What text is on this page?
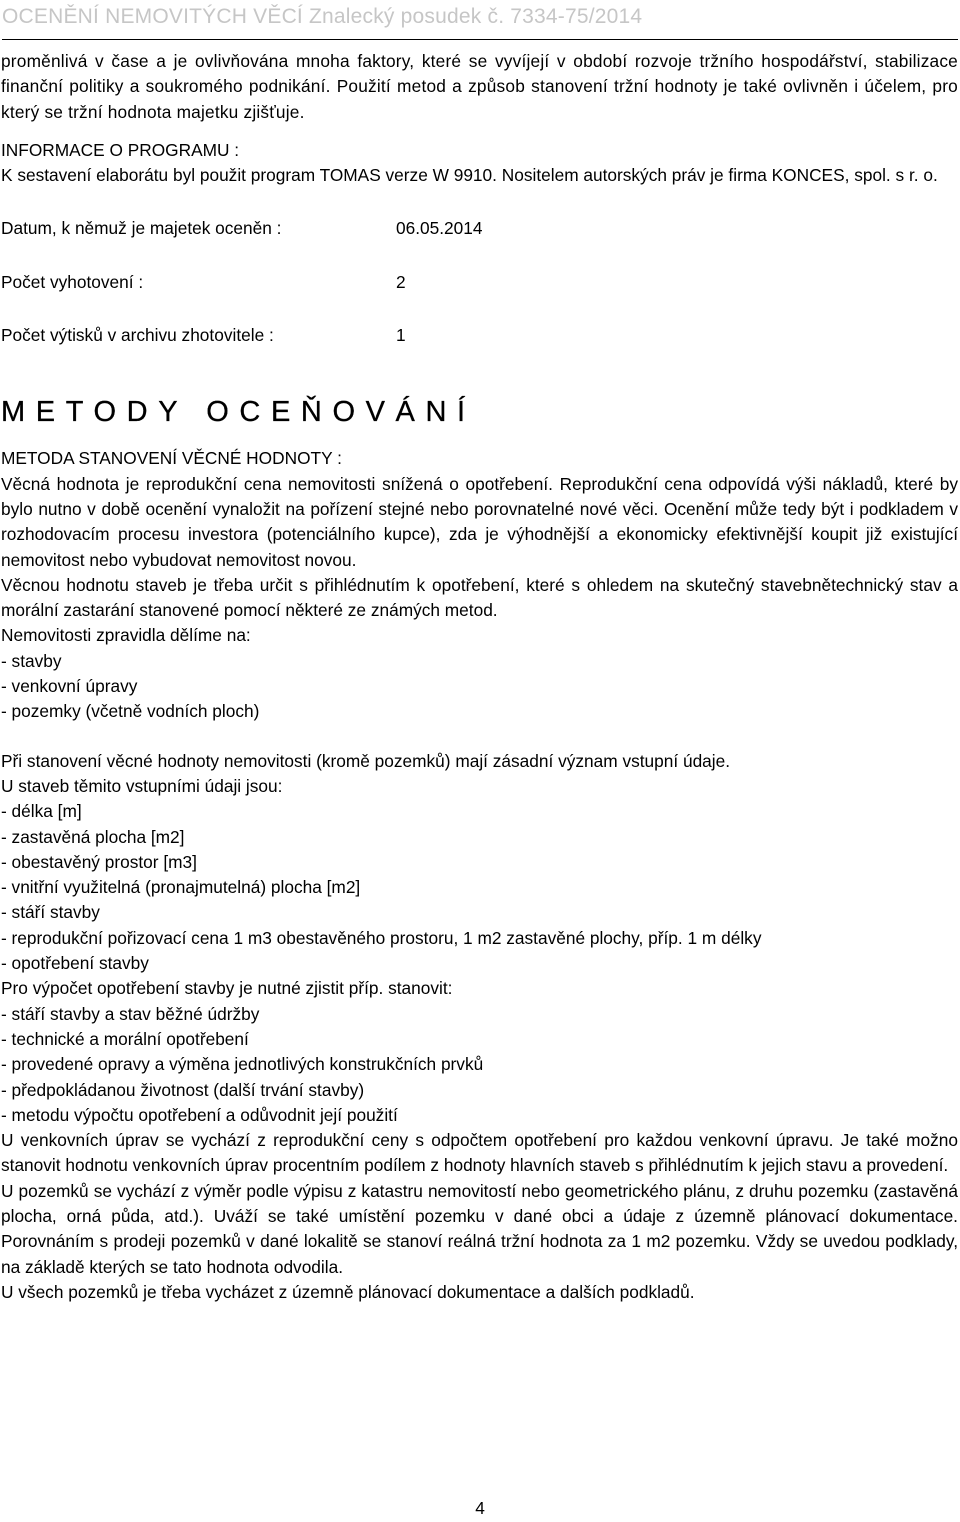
OCENĚNÍ NEMOVITÝCH VĚCÍ Znalecký posudek č. 7334-75/2014

proměnlivá v čase a je ovlivňována mnoha faktory, které se vyvíjejí v období rozvoje tržního hospodářství, stabilizace finanční politiky a soukromého podnikání. Použití metod a způsob stanovení tržní hodnoty je také ovlivněn i účelem, pro který se tržní hodnota majetku zjišťuje.

INFORMACE O PROGRAMU :

K sestavení elaborátu byl použit program TOMAS verze W 9910. Nositelem autorských práv je firma KONCES, spol. s r. o.

Datum, k němuž je majetek oceněn :	06.05.2014

Počet vyhotovení :	2

Počet výtisků v archivu zhotovitele :	1

METODY OCEŇOVÁNÍ

METODA STANOVENÍ VĚCNÉ HODNOTY :

Věcná hodnota je reprodukční cena nemovitosti snížená o opotřebení. Reprodukční cena odpovídá výši nákladů, které by bylo nutno v době ocenění vynaložit na pořízení stejné nebo porovnatelné nové věci. Ocenění může tedy být i podkladem v rozhodovacím procesu investora (potenciálního kupce), zda je výhodnější a ekonomicky efektivnější koupit již existující nemovitost nebo vybudovat nemovitost novou.

Věcnou hodnotu staveb je třeba určit s přihlédnutím k opotřebení, které s ohledem na skutečný stavebnětechnický stav a morální zastarání stanovené pomocí některé ze známých metod.

Nemovitosti zpravidla dělíme na:

- stavby
- venkovní úpravy
- pozemky (včetně vodních ploch)

Při stanovení věcné hodnoty nemovitosti (kromě pozemků) mají zásadní význam vstupní údaje.

U staveb těmito vstupními údaji jsou:

- délka [m]
- zastavěná plocha [m2]
- obestavěný prostor [m3]
- vnitřní využitelná (pronajmutelná) plocha [m2]
- stáří stavby
- reprodukční pořizovací cena 1 m3 obestavěného prostoru, 1 m2 zastavěné plochy, příp. 1 m délky
- opotřebení stavby

Pro výpočet opotřebení stavby je nutné zjistit příp. stanovit:

- stáří stavby a stav běžné údržby
- technické a morální opotřebení
- provedené opravy a výměna jednotlivých konstrukčních prvků
- předpokládanou životnost (další trvání stavby)
- metodu výpočtu opotřebení a odůvodnit její použití

U venkovních úprav se vychází z reprodukční ceny s odpočtem opotřebení pro každou venkovní úpravu. Je také možno stanovit hodnotu venkovních úprav procentním podílem z hodnoty hlavních staveb s přihlédnutím k jejich stavu a provedení.

U pozemků se vychází z výměr podle výpisu z katastru nemovitostí nebo geometrického plánu, z druhu pozemku (zastavěná plocha, orná půda, atd.). Uváží se také umístění pozemku v dané obci a údaje z územně plánovací dokumentace. Porovnáním s prodeji pozemků v dané lokalitě se stanoví reálná tržní hodnota za 1 m2 pozemku. Vždy se uvedou podklady, na základě kterých se tato hodnota odvodila.

U všech pozemků je třeba vycházet z územně plánovací dokumentace a dalších podkladů.

4
